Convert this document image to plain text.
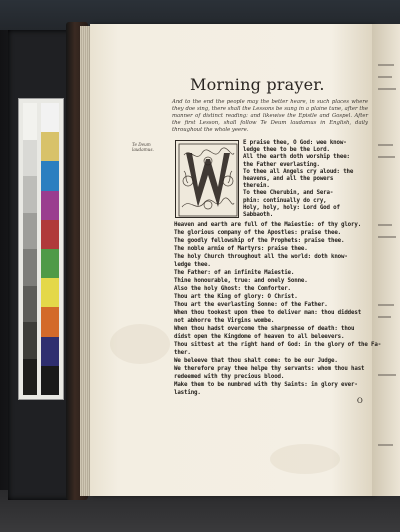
Morning prayer.
And to the end the people may the better heare, in such places where they doe sing, there shall the Lessons be sung in a plaine tune, after the manner of distinct reading: and likewise the Epistle and Gospel. After the first Lesson, shall follow Te Deum laudamus in English, daily throughout the whole yeere.
Te Deum laudamus.
E praise thee, O God: wee know-
ledge thee to be the Lord.
All the earth doth worship thee:
the Father everlasting.
To thee all Angels cry aloud: the
heavens, and all the powers
therein.
To thee Cherubin, and Sera-
phin: continually do cry,
Holy, holy, holy: Lord God of
Sabbaoth.
Heaven and earth are full of the Maiestie: of thy glory.
The glorious company of the Apostles: praise thee.
The goodly fellowship of the Prophets: praise thee.
The noble armie of Martyrs: praise thee.
The holy Church throughout all the world: doth know-
ledge thee.
The Father: of an infinite Maiestie.
Thine honourable, true: and onely Sonne.
Also the holy Ghost: the Comforter.
Thou art the King of glory: O Christ.
Thou art the everlasting Sonne: of the Father.
When thou tookest upon thee to deliver man: thou diddest
not abhorre the Virgins wombe.
When thou hadst overcome the sharpnesse of death: thou
didst open the Kingdome of heaven to all beleevers.
Thou sittest at the right hand of God: in the glory of the Fa-
ther.
We beleeve that thou shalt come: to be our Judge.
We therefore pray thee helpe thy servants: whom thou hast
redeemed with thy precious blood.
Make them to be numbred with thy Saints: in glory ever-
lasting.
O
